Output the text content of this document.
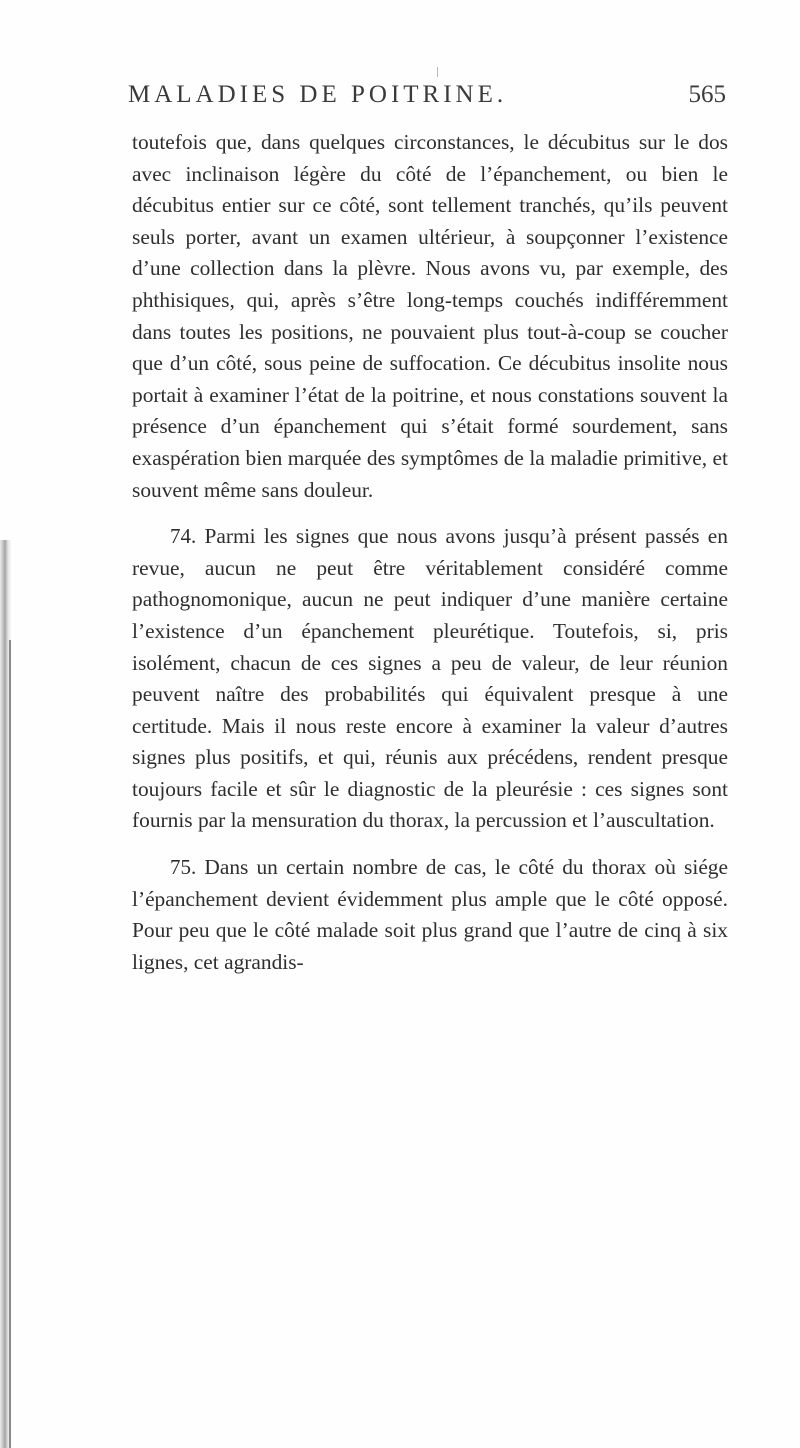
MALADIES DE POITRINE.	565

toutefois que, dans quelques circonstances, le décubitus sur le dos avec inclinaison légère du côté de l’épanchement, ou bien le décubitus entier sur ce côté, sont tellement tranchés, qu’ils peuvent seuls porter, avant un examen ultérieur, à soupçonner l’existence d’une collection dans la plèvre. Nous avons vu, par exemple, des phthisiques, qui, après s’être long-temps couchés indifféremment dans toutes les positions, ne pouvaient plus tout-à-coup se coucher que d’un côté, sous peine de suffocation. Ce décubitus insolite nous portait à examiner l’état de la poitrine, et nous constations souvent la présence d’un épanchement qui s’était formé sourdement, sans exaspération bien marquée des symptômes de la maladie primitive, et souvent même sans douleur.

74. Parmi les signes que nous avons jusqu’à présent passés en revue, aucun ne peut être véritablement considéré comme pathognomonique, aucun ne peut indiquer d’une manière certaine l’existence d’un épanchement pleurétique. Toutefois, si, pris isolément, chacun de ces signes a peu de valeur, de leur réunion peuvent naître des probabilités qui équivalent presque à une certitude. Mais il nous reste encore à examiner la valeur d’autres signes plus positifs, et qui, réunis aux précédens, rendent presque toujours facile et sûr le diagnostic de la pleurésie : ces signes sont fournis par la mensuration du thorax, la percussion et l’auscultation.

75. Dans un certain nombre de cas, le côté du thorax où siége l’épanchement devient évidemment plus ample que le côté opposé. Pour peu que le côté malade soit plus grand que l’autre de cinq à six lignes, cet agrandis-
